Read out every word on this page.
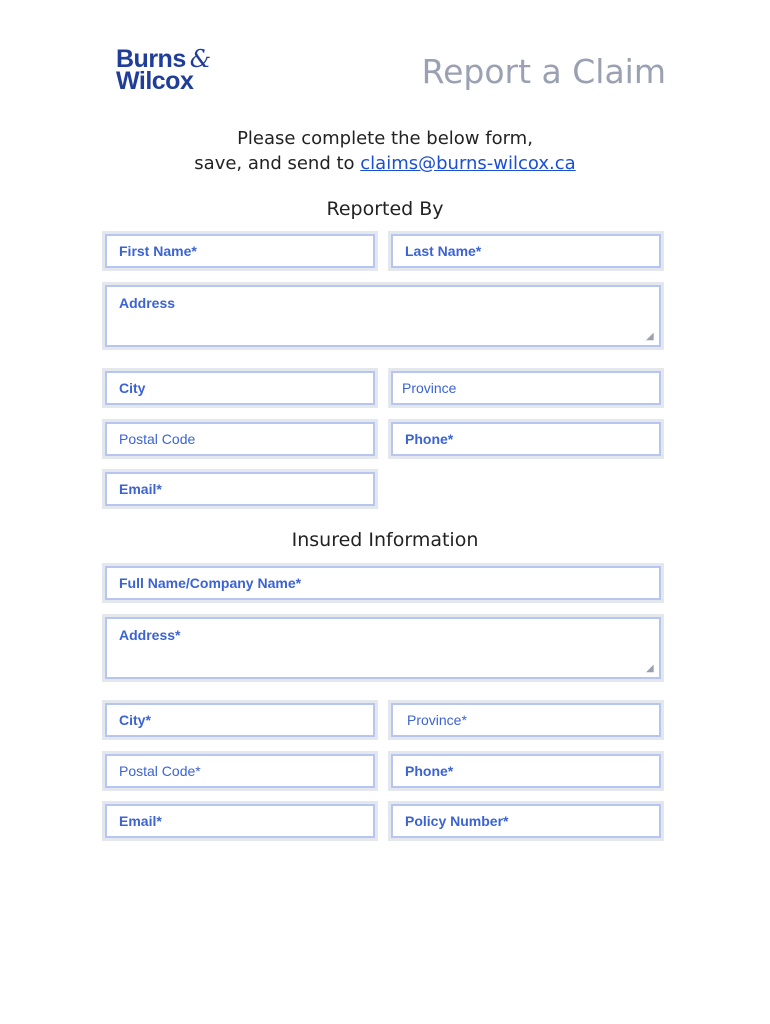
Burns &
Wilcox	Report a Claim
Please complete the below form,
save, and send to claims@burns-wilcox.ca
Reported By
First Name*
Last Name*
Address
◢
City
Province
Postal Code
Phone*
Email*
Insured Information
Full Name/Company Name*
Address*
◢
City*
Province*
Postal Code*
Phone*
Email*
Policy Number*
